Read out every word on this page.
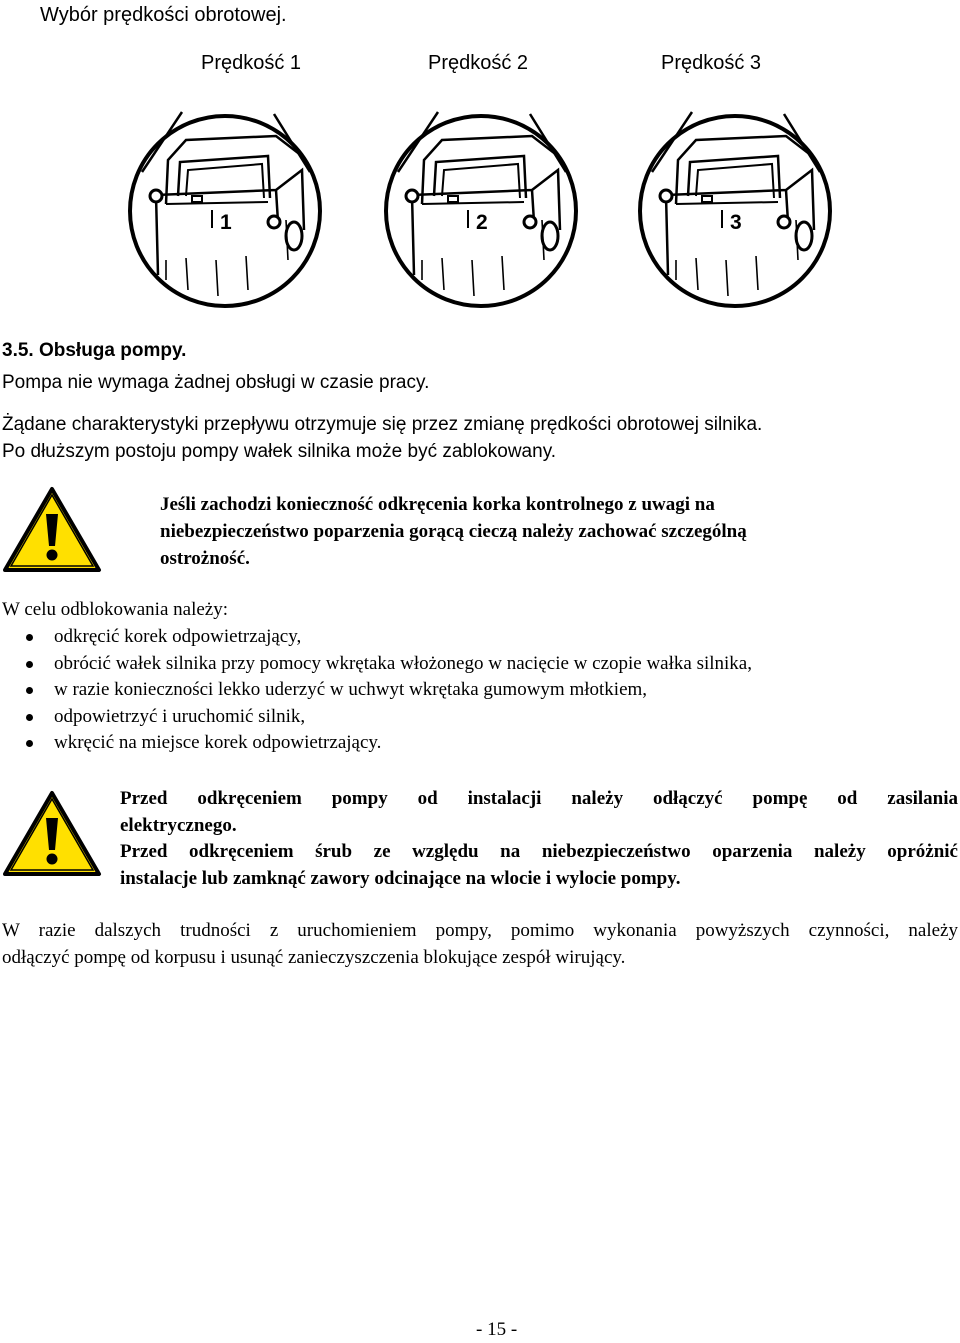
Wybór prędkości obrotowej.
Prędkość 1	Prędkość 2	Prędkość 3
1	2	3
3.5. Obsługa pompy.
Pompa nie wymaga żadnej obsługi w czasie pracy.
Żądane charakterystyki przepływu otrzymuje się przez zmianę prędkości obrotowej silnika.
Po dłuższym postoju pompy wałek silnika może być zablokowany.
Jeśli zachodzi konieczność odkręcenia korka kontrolnego z uwagi na
niebezpieczeństwo poparzenia gorącą cieczą należy zachować szczególną
ostrożność.
W celu odblokowania należy:
odkręcić korek odpowietrzający,
obrócić wałek silnika przy pomocy wkrętaka włożonego w nacięcie w czopie wałka silnika,
w razie konieczności lekko uderzyć w uchwyt wkrętaka gumowym młotkiem,
odpowietrzyć i uruchomić silnik,
wkręcić na miejsce korek odpowietrzający.
Przed odkręceniem pompy od instalacji należy odłączyć pompę od zasilania
elektrycznego.
Przed odkręceniem śrub ze względu na niebezpieczeństwo oparzenia należy opróżnić
instalacje lub zamknąć zawory odcinające na wlocie i wylocie pompy.
W razie dalszych trudności z uruchomieniem pompy, pomimo wykonania powyższych czynności, należy
odłączyć pompę od korpusu i usunąć zanieczyszczenia blokujące zespół wirujący.
- 15 -
